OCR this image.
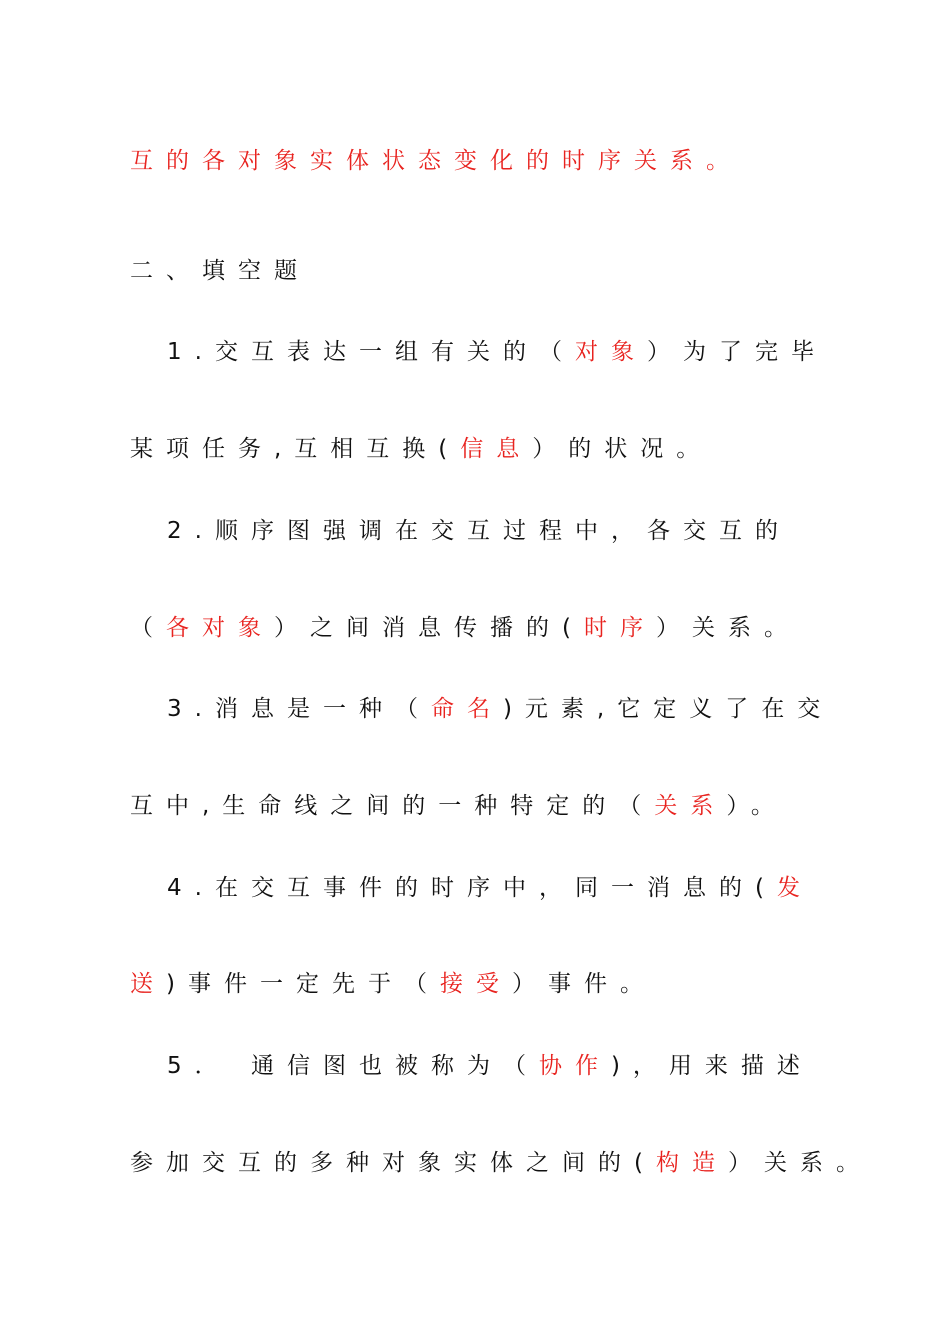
互的各对象实体状态变化的时序关系。

二、填空题

1.交互表达一组有关的（对象）为了完毕

某项任务,互相互换(信息）的状况。

2.顺序图强调在交互过程中，各交互的

（各对象）之间消息传播的(时序）关系。

3.消息是一种（命名)元素,它定义了在交

互中,生命线之间的一种特定的（关系）。

4.在交互事件的时序中，同一消息的(发

送)事件一定先于（接受）事件。

5． 通信图也被称为（协作)，用来描述

参加交互的多种对象实体之间的(构造）关系。
